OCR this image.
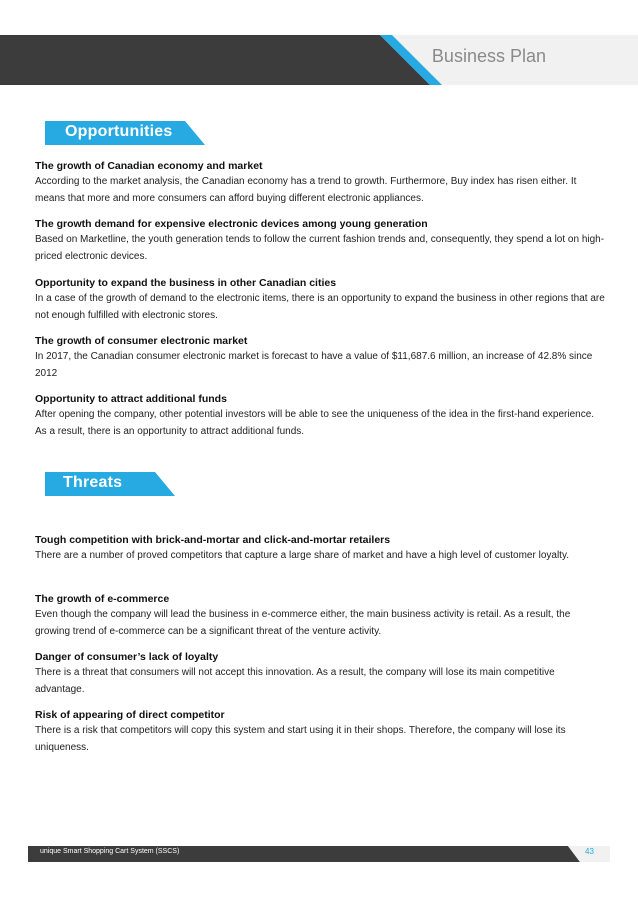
Business Plan
Opportunities
The growth of Canadian economy and market

According to the market analysis, the Canadian economy has a trend to growth. Furthermore, Buy index has risen either. It means that more and more consumers can afford buying different electronic appliances.

The growth demand for expensive electronic devices among young generation

Based on Marketline, the youth generation tends to follow the current fashion trends and, consequently, they spend a lot on high-priced electronic devices.

Opportunity to expand the business in other Canadian cities

In a case of the growth of demand to the electronic items, there is an opportunity to expand the business in other regions that are not enough fulfilled with electronic stores.

The growth of consumer electronic market

In 2017, the Canadian consumer electronic market is forecast to have a value of $11,687.6 million, an increase of 42.8% since 2012

Opportunity to attract additional funds

After opening the company, other potential investors will be able to see the uniqueness of the idea in the first-hand experience. As a result, there is an opportunity to attract additional funds.

Threats
Tough competition with brick-and-mortar and click-and-mortar retailers

There are a number of proved competitors that capture a large share of market and have a high level of customer loyalty.

The growth of e-commerce

Even though the company will lead the business in e-commerce either, the main business activity is retail. As a result, the growing trend of e-commerce can be a significant threat of the venture activity.

Danger of consumer’s lack of loyalty

There is a threat that consumers will not accept this innovation. As a result, the company will lose its main competitive advantage.

Risk of appearing of direct competitor

There is a risk that competitors will copy this system and start using it in their shops. Therefore, the company will lose its uniqueness.

unique Smart Shopping Cart System (SSCS)	43
